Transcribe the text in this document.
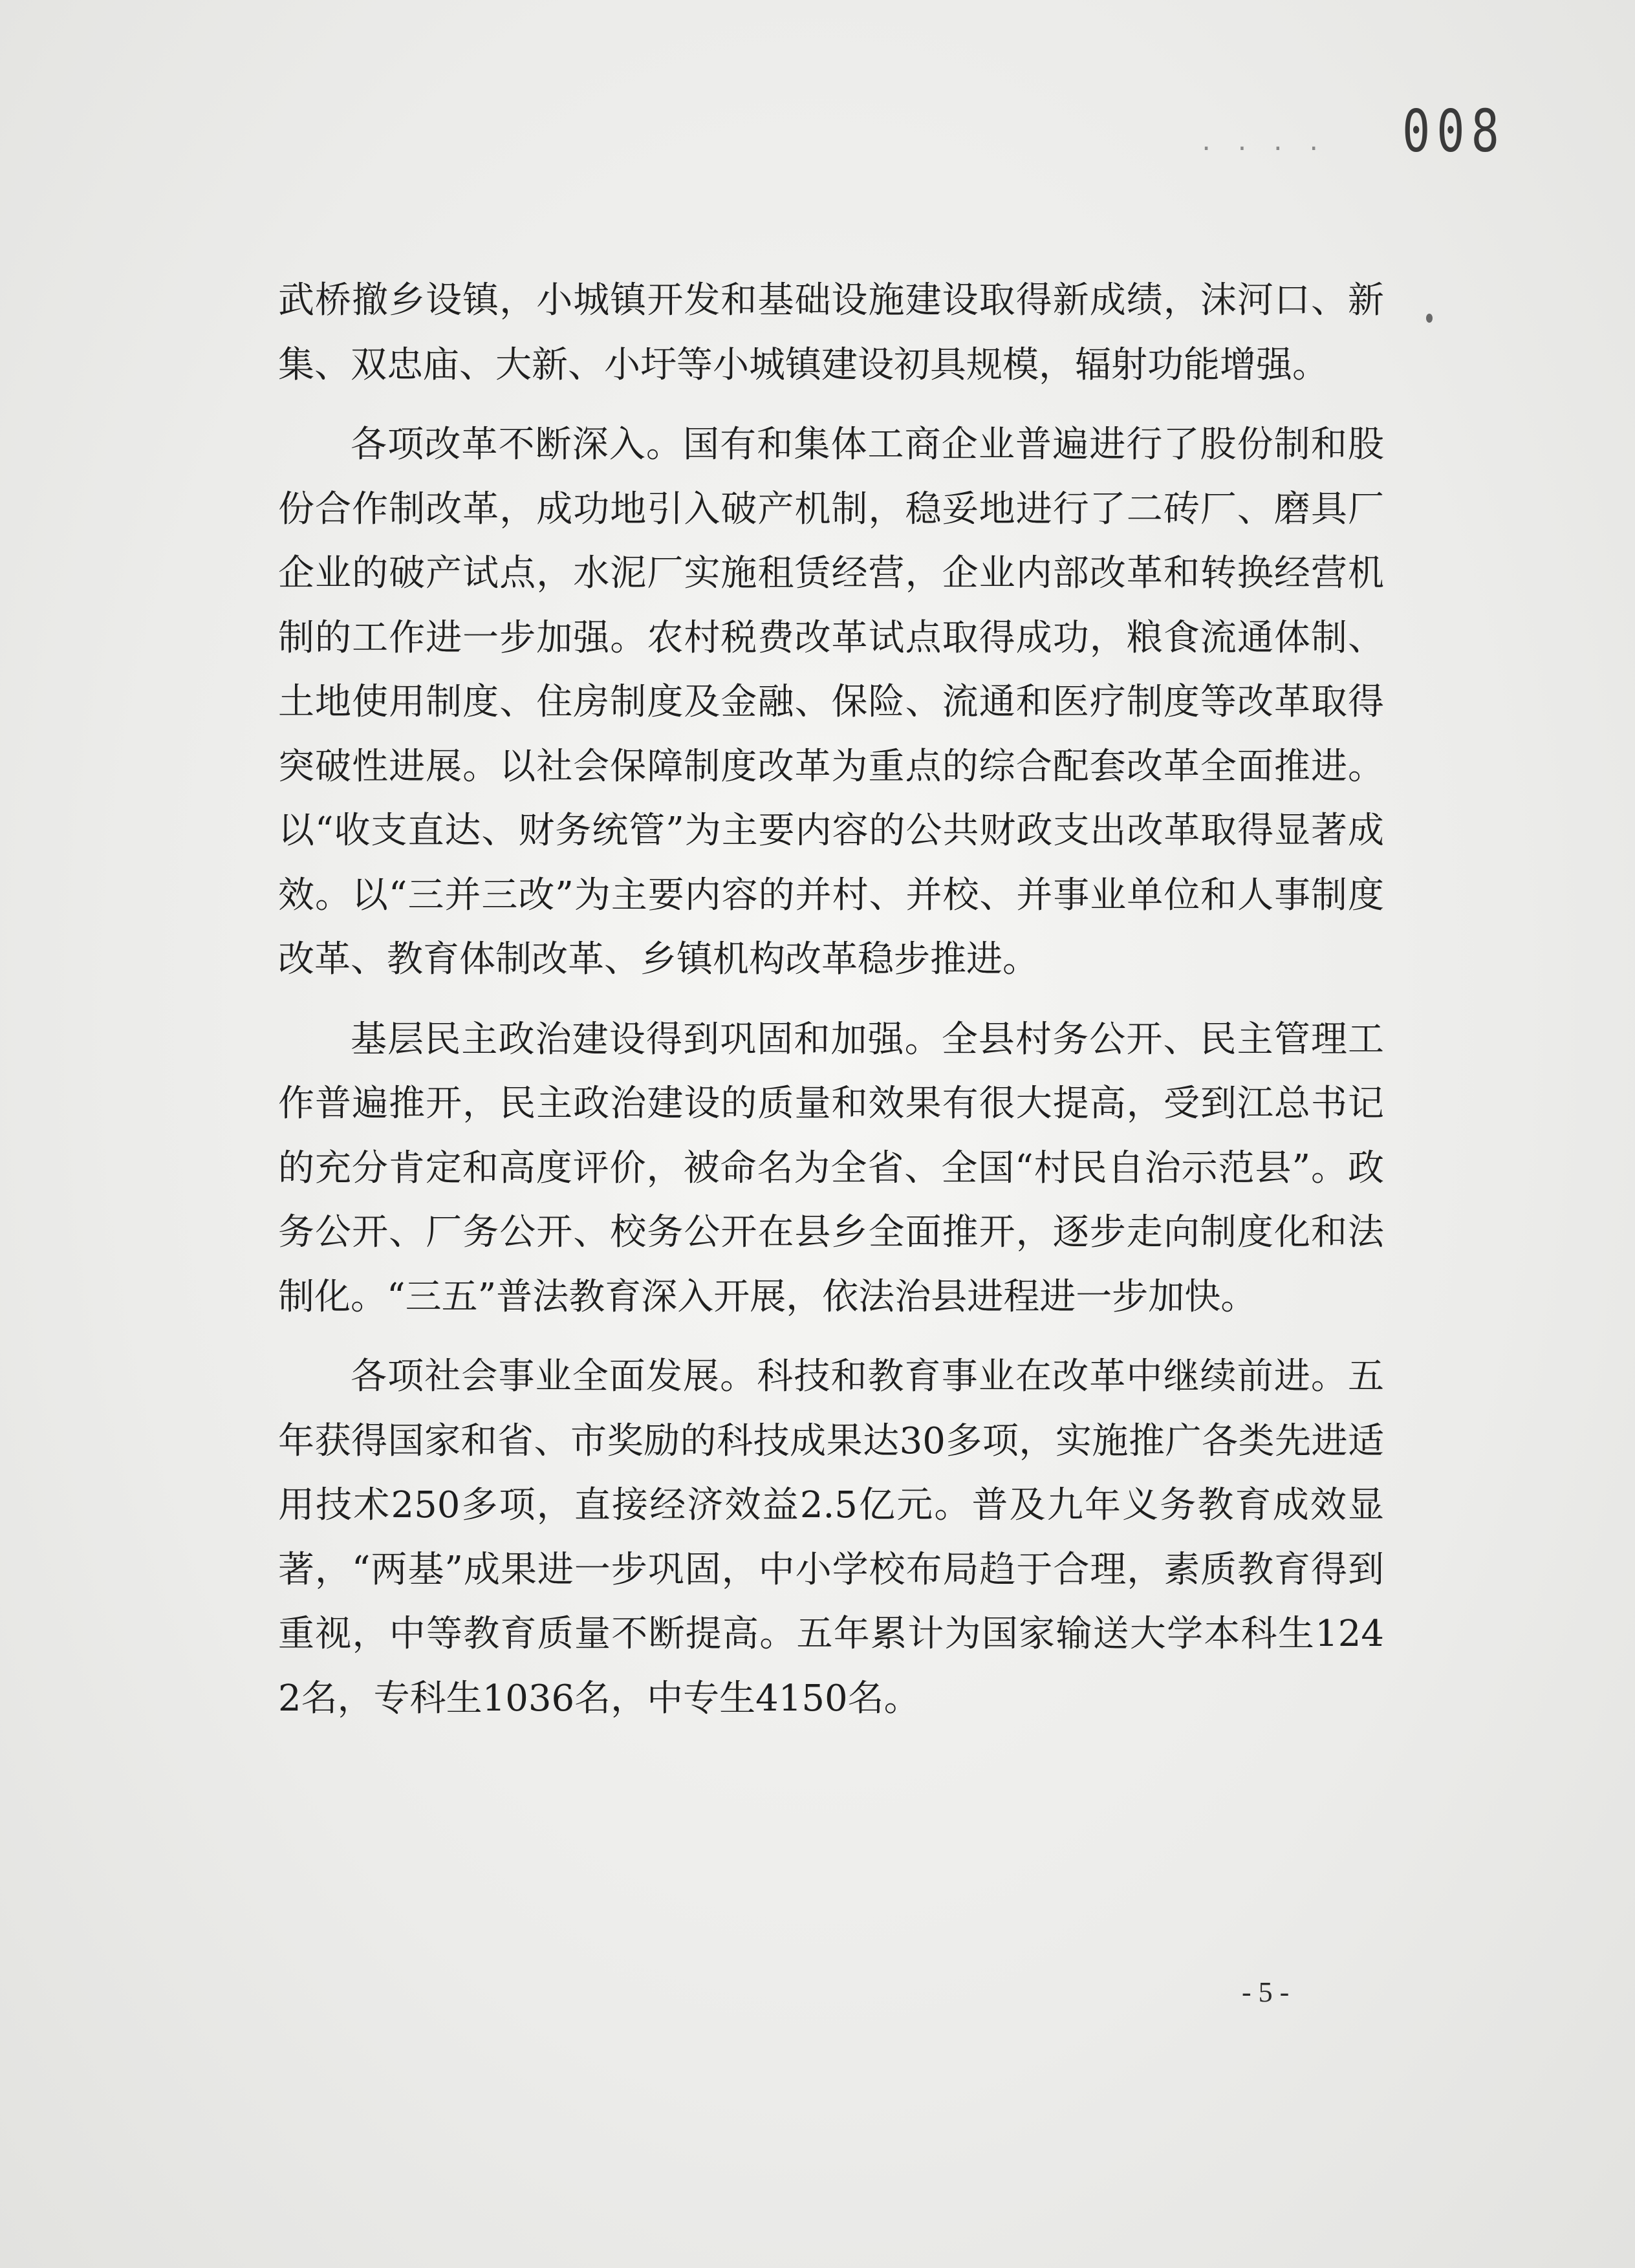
· · · · 008

武桥撤乡设镇，小城镇开发和基础设施建设取得新成绩，沫河口、新集、双忠庙、大新、小圩等小城镇建设初具规模，辐射功能增强。

各项改革不断深入。国有和集体工商企业普遍进行了股份制和股份合作制改革，成功地引入破产机制，稳妥地进行了二砖厂、磨具厂企业的破产试点，水泥厂实施租赁经营，企业内部改革和转换经营机制的工作进一步加强。农村税费改革试点取得成功，粮食流通体制、土地使用制度、住房制度及金融、保险、流通和医疗制度等改革取得突破性进展。以社会保障制度改革为重点的综合配套改革全面推进。以“收支直达、财务统管”为主要内容的公共财政支出改革取得显著成效。以“三并三改”为主要内容的并村、并校、并事业单位和人事制度改革、教育体制改革、乡镇机构改革稳步推进。

基层民主政治建设得到巩固和加强。全县村务公开、民主管理工作普遍推开，民主政治建设的质量和效果有很大提高，受到江总书记的充分肯定和高度评价，被命名为全省、全国“村民自治示范县”。政务公开、厂务公开、校务公开在县乡全面推开，逐步走向制度化和法制化。“三五”普法教育深入开展，依法治县进程进一步加快。

各项社会事业全面发展。科技和教育事业在改革中继续前进。五年获得国家和省、市奖励的科技成果达30多项，实施推广各类先进适用技术250多项，直接经济效益2.5亿元。普及九年义务教育成效显著，“两基”成果进一步巩固，中小学校布局趋于合理，素质教育得到重视，中等教育质量不断提高。五年累计为国家输送大学本科生1242名，专科生1036名，中专生4150名。

- 5 -
